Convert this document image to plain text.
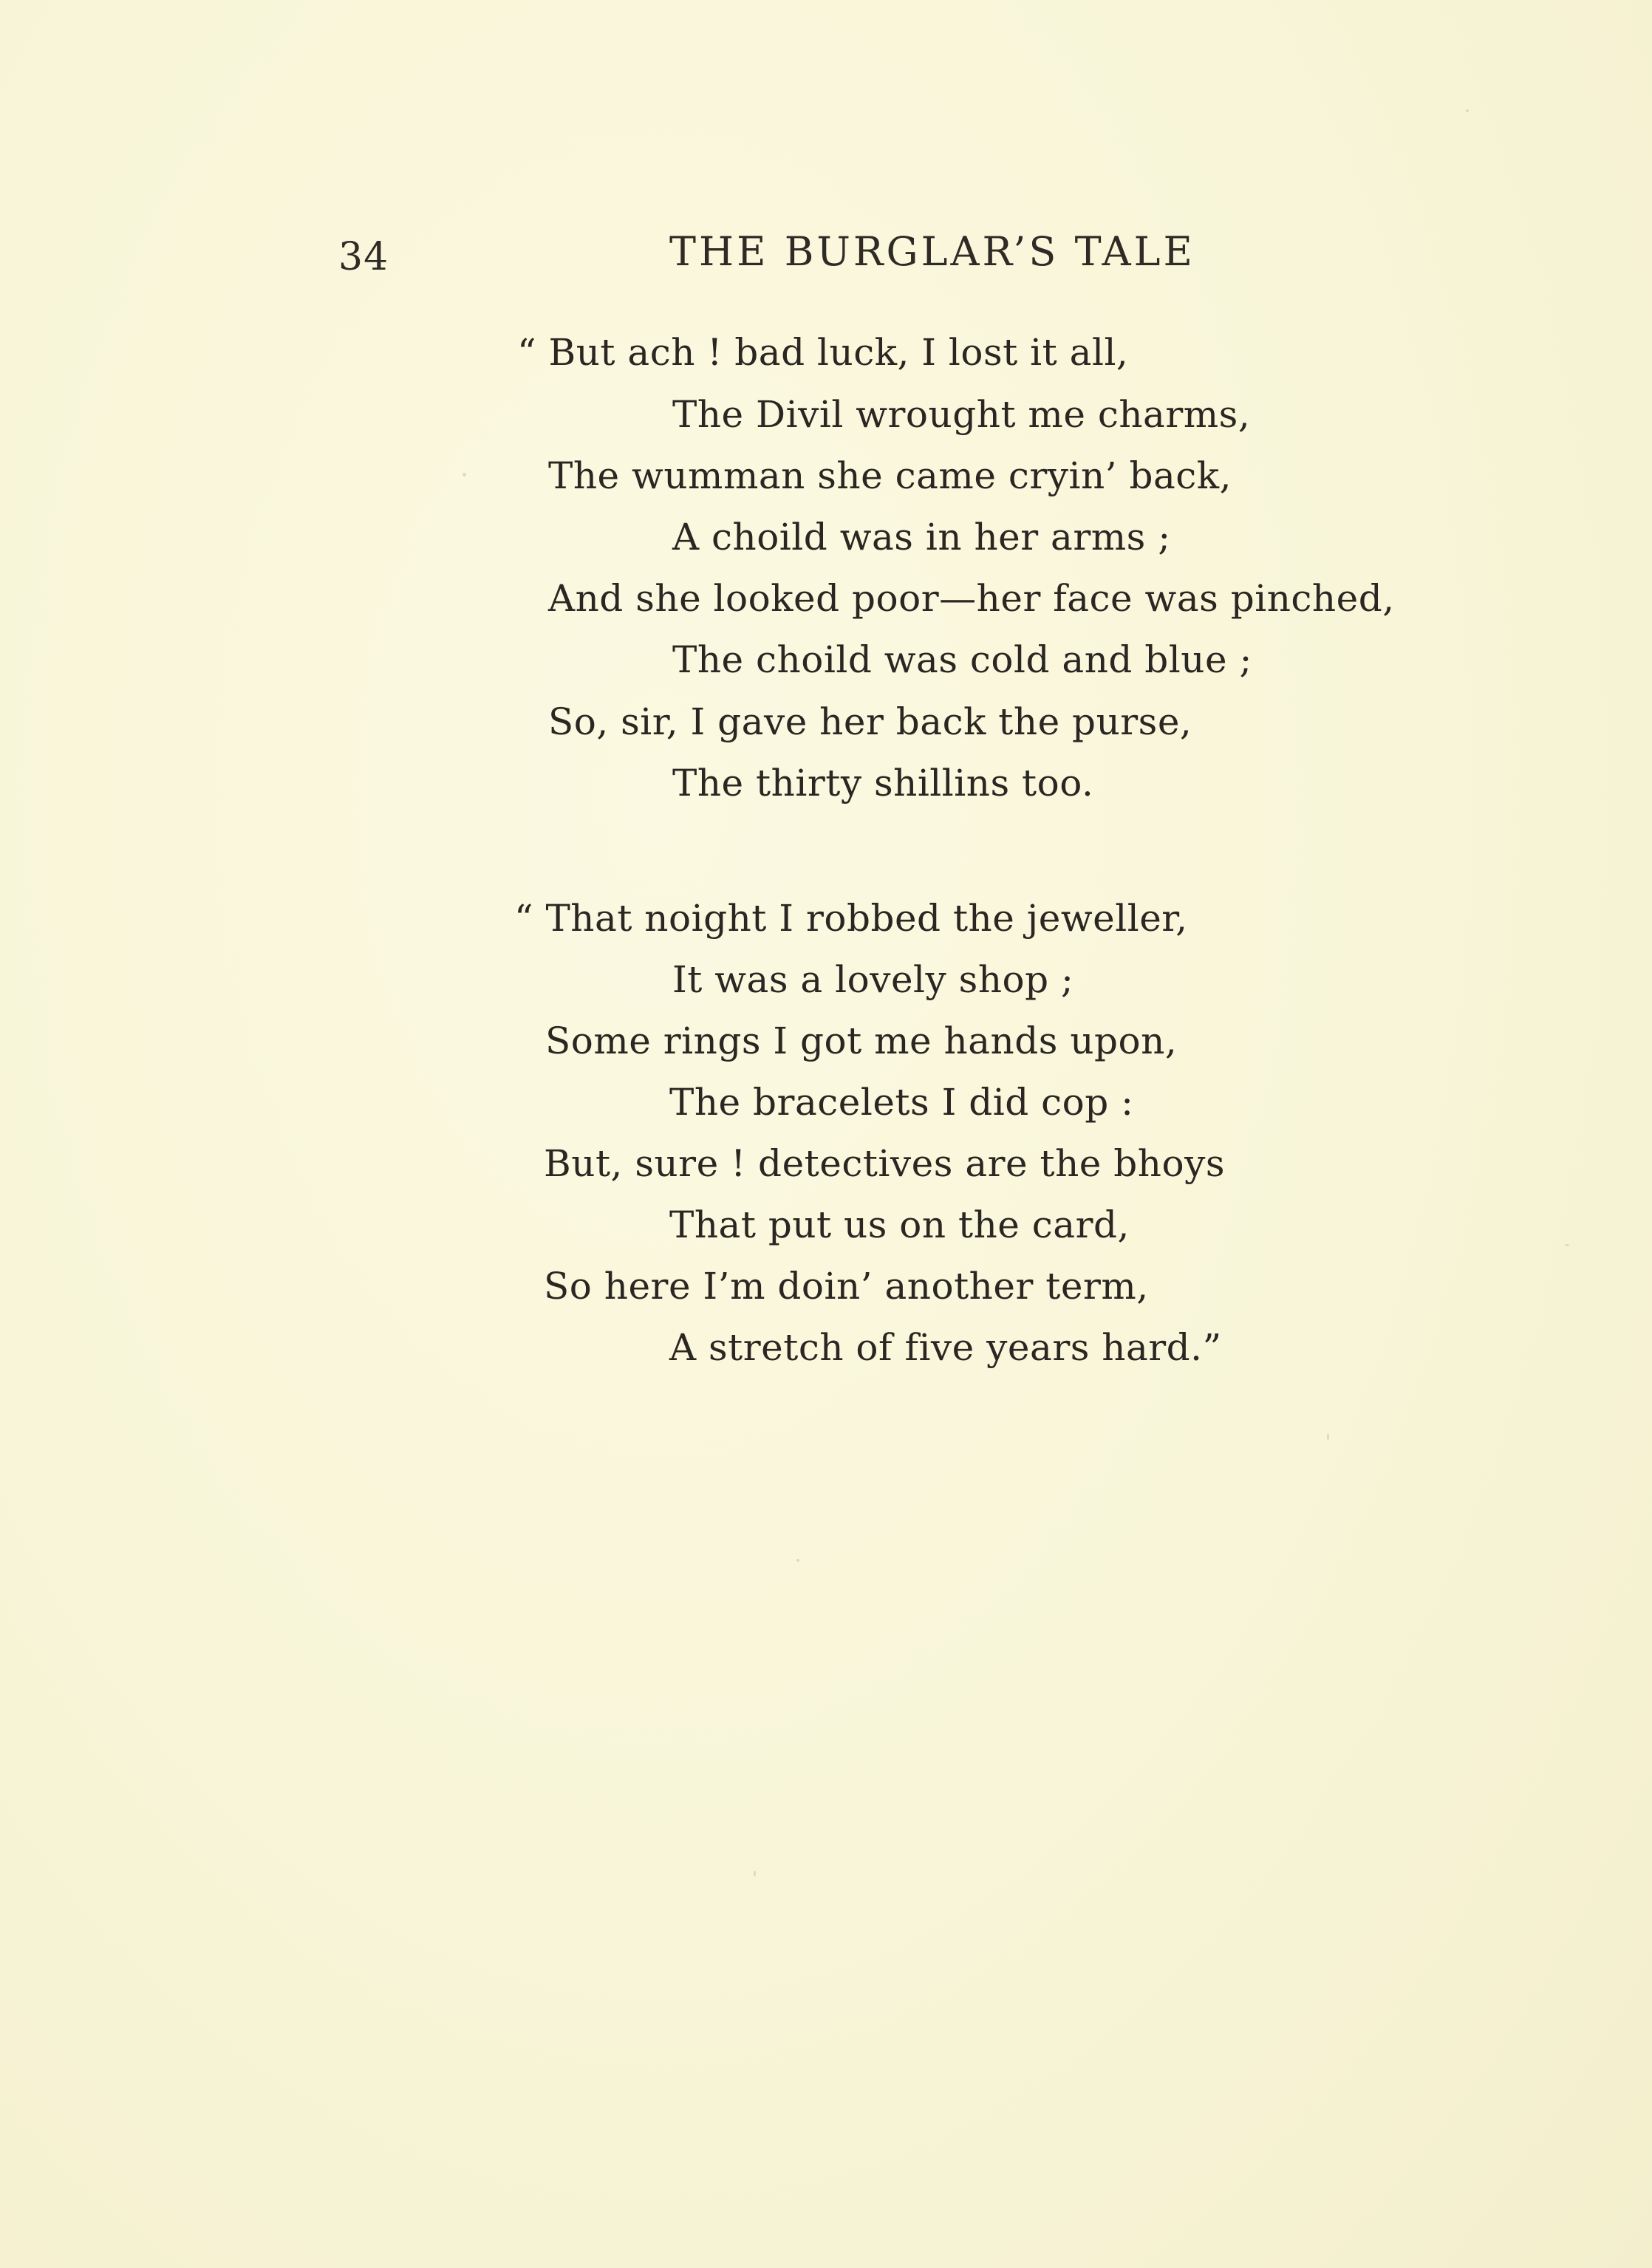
34	THE BURGLAR’S TALE
“ But ach ! bad luck, I lost it all,
The Divil wrought me charms,
The wumman she came cryin’ back,
A choild was in her arms ;
And she looked poor—her face was pinched,
The choild was cold and blue ;
So, sir, I gave her back the purse,
The thirty shillins too.
“ That noight I robbed the jeweller,
It was a lovely shop ;
Some rings I got me hands upon,
The bracelets I did cop :
But, sure ! detectives are the bhoys
That put us on the card,
So here I’m doin’ another term,
A stretch of five years hard.”
